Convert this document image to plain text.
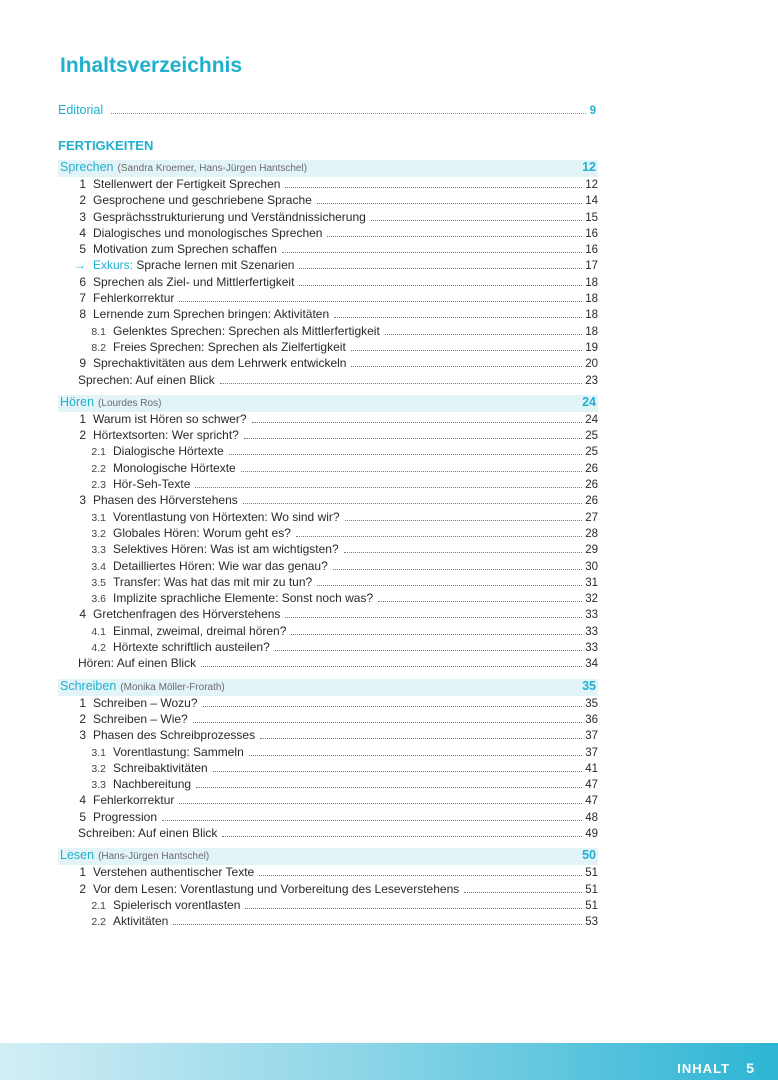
Inhaltsverzeichnis
Editorial	9
FERTIGKEITEN
Sprechen (Sandra Kroemer, Hans-Jürgen Hantschel)	12
1 Stellenwert der Fertigkeit Sprechen	12
2 Gesprochene und geschriebene Sprache	14
3 Gesprächsstrukturierung und Verständnissicherung	15
4 Dialogisches und monologisches Sprechen	16
5 Motivation zum Sprechen schaffen	16
→ Exkurs: Sprache lernen mit Szenarien	17
6 Sprechen als Ziel- und Mittlerfertigkeit	18
7 Fehlerkorrektur	18
8 Lernende zum Sprechen bringen: Aktivitäten	18
8.1 Gelenktes Sprechen: Sprechen als Mittlerfertigkeit	18
8.2 Freies Sprechen: Sprechen als Zielfertigkeit	19
9 Sprechaktivitäten aus dem Lehrwerk entwickeln	20
Sprechen: Auf einen Blick	23
Hören (Lourdes Ros)	24
1 Warum ist Hören so schwer?	24
2 Hörtextsorten: Wer spricht?	25
2.1 Dialogische Hörtexte	25
2.2 Monologische Hörtexte	26
2.3 Hör-Seh-Texte	26
3 Phasen des Hörverstehens	26
3.1 Vorentlastung von Hörtexten: Wo sind wir?	27
3.2 Globales Hören: Worum geht es?	28
3.3 Selektives Hören: Was ist am wichtigsten?	29
3.4 Detailliertes Hören: Wie war das genau?	30
3.5 Transfer: Was hat das mit mir zu tun?	31
3.6 Implizite sprachliche Elemente: Sonst noch was?	32
4 Gretchenfragen des Hörverstehens	33
4.1 Einmal, zweimal, dreimal hören?	33
4.2 Hörtexte schriftlich austeilen?	33
Hören: Auf einen Blick	34
Schreiben (Monika Möller-Frorath)	35
1 Schreiben – Wozu?	35
2 Schreiben – Wie?	36
3 Phasen des Schreibprozesses	37
3.1 Vorentlastung: Sammeln	37
3.2 Schreibaktivitäten	41
3.3 Nachbereitung	47
4 Fehlerkorrektur	47
5 Progression	48
Schreiben: Auf einen Blick	49
Lesen (Hans-Jürgen Hantschel)	50
1 Verstehen authentischer Texte	51
2 Vor dem Lesen: Vorentlastung und Vorbereitung des Leseverstehens	51
2.1 Spielerisch vorentlasten	51
2.2 Aktivitäten	53
INHALT 5
